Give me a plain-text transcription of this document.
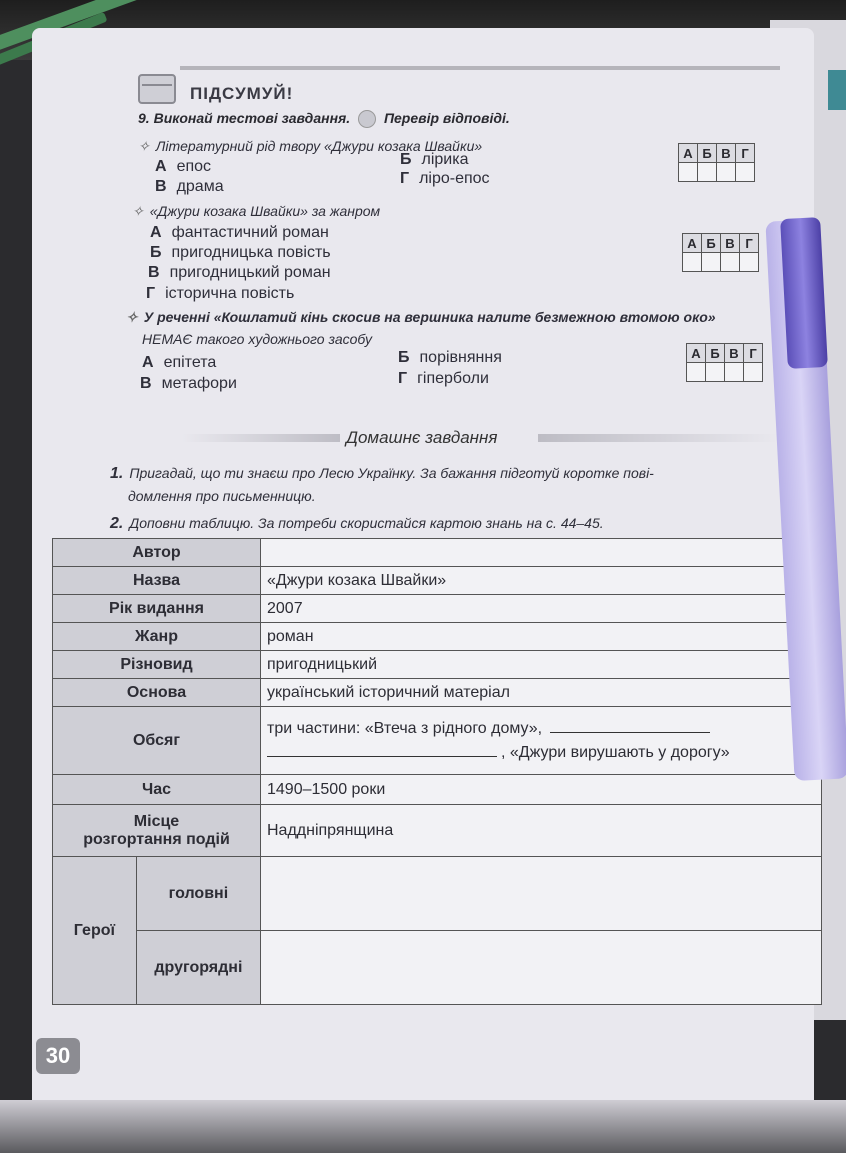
ПІДСУМУЙ!
9. Виконай тестові завдання. Перевір відповіді.
✧ Літературний рід твору «Джури козака Швайки»
А епос	Б лірика
В драма	Г ліро-епос
А	Б	В	Г

✧ «Джури козака Швайки» за жанром
А фантастичний роман
Б пригодницька повість
В пригодницький роман
Г історична повість
А	Б	В	Г

✧ У реченні «Кошлатий кінь скосив на вершника налите безмежною втомою око»
НЕМАЄ такого художнього засобу
А епітета	Б порівняння
В метафори	Г гіперболи
А	Б	В	Г

Домашнє завдання
1. Пригадай, що ти знаєш про Лесю Українку. За бажання підготуй коротке пові-
домлення про письменницю.
2. Доповни таблицю. За потреби скористайся картою знань на с. 44–45.
Автор		
Назва		«Джури козака Швайки»
Рік видання		2007
Жанр		роман
Різновид		пригодницький
Основа		український історичний матеріал
Обсяг		три частини: «Втеча з рідного дому»,
, «Джури вирушають у дорогу»

Час		1490–1500 роки

Місце
розгортання подій		Наддніпрянщина
Герої	головні	
	другорядні	
30
